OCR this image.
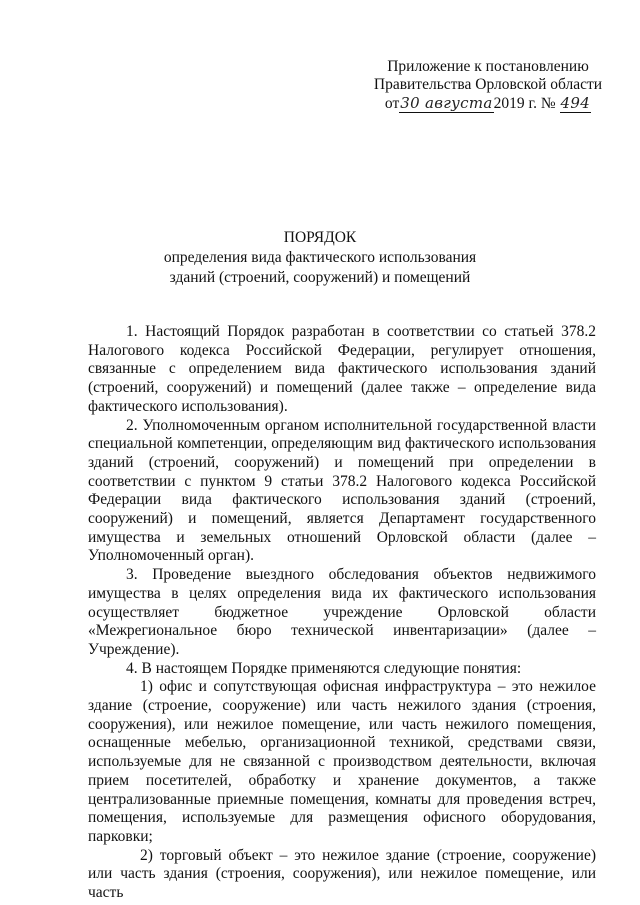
Приложение к постановлению
Правительства Орловской области
от30 августа2019 г. № 494
ПОРЯДОК
определения вида фактического использования
зданий (строений, сооружений) и помещений

1. Настоящий Порядок разработан в соответствии со статьей 378.2 Налогового кодекса Российской Федерации, регулирует отношения, связанные с определением вида фактического использования зданий (строений, сооружений) и помещений (далее также – определение вида фактического использования).

2. Уполномоченным органом исполнительной государственной власти специальной компетенции, определяющим вид фактического использования зданий (строений, сооружений) и помещений при определении в соответствии с пунктом 9 статьи 378.2 Налогового кодекса Российской Федерации вида фактического использования зданий (строений, сооружений) и помещений, является Департамент государственного имущества и земельных отношений Орловской области (далее – Уполномоченный орган).

3. Проведение выездного обследования объектов недвижимого имущества в целях определения вида их фактического использования осуществляет бюджетное учреждение Орловской области «Межрегиональное бюро технической инвентаризации» (далее – Учреждение).

4. В настоящем Порядке применяются следующие понятия:

1) офис и сопутствующая офисная инфраструктура – это нежилое здание (строение, сооружение) или часть нежилого здания (строения, сооружения), или нежилое помещение, или часть нежилого помещения, оснащенные мебелью, организационной техникой, средствами связи, используемые для не связанной с производством деятельности, включая прием посетителей, обработку и хранение документов, а также централизованные приемные помещения, комнаты для проведения встреч, помещения, используемые для размещения офисного оборудования, парковки;

2) торговый объект – это нежилое здание (строение, сооружение) или часть здания (строения, сооружения), или нежилое помещение, или часть
